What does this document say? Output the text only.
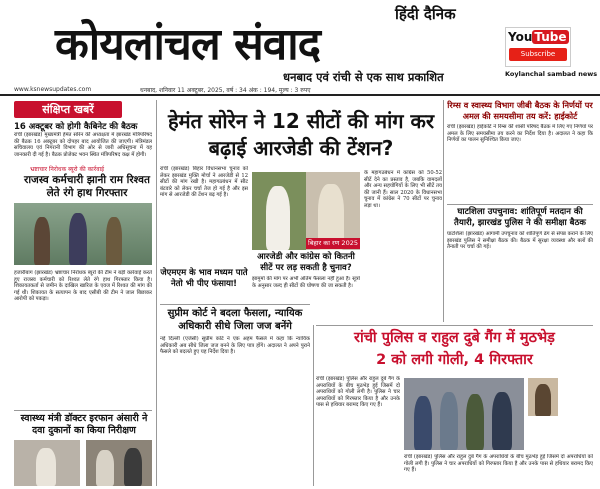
हिंदी दैनिक
कोयलांचल संवाद
धनबाद एवं रांची से एक साथ प्रकाशित
www.ksnewsupdates.com	धनबाद, शनिवार 11 अक्टूबर, 2025, वर्ष : 34 अंक : 194, मूल्य : 3 रुपए
You Tube
Subscribe
Koylanchal sambad news
संक्षिप्त खबरें
16 अक्टूबर को होगी कैबिनेट की बैठक
रांची (झारखंड) मुख्यमंत्री हेमंत सोरेन की अध्यक्षता में झारखंड मंत्रिपरिषद की बैठक 16 अक्टूबर को दोपहर बाद आयोजित की जाएगी। मंत्रिमंडल सचिवालय एवं निगरानी विभाग की ओर से जारी अधिसूचना में यह जानकारी दी गई है। बैठक प्रोजेक्ट भवन स्थित मंत्रिपरिषद कक्ष में होगी।
भ्रष्टाचार निरोधक ब्यूरो की कार्रवाई
राजस्व कर्मचारी झानी राम रिश्वत लेते रंगे हाथ गिरफ्तार
हजारीबाग (झारखंड) भ्रष्टाचार निरोधक ब्यूरो की टीम ने बड़ी कार्रवाई करते हुए राजस्व कर्मचारी को रिश्वत लेते रंगे हाथ गिरफ्तार किया है। शिकायतकर्ता से जमीन के दाखिल खारिज के एवज में रिश्वत की मांग की गई थी। शिकायत के सत्यापन के बाद एसीबी की टीम ने जाल बिछाकर आरोपी को पकड़ा।
स्वास्थ्य मंत्री डॉक्टर इरफान अंसारी ने दवा दुकानों का किया निरीक्षण
हेमंत सोरेन ने 12 सीटों की मांग कर बढ़ाई आरजेडी की टेंशन?
रांची (झारखंड) बिहार विधानसभा चुनाव को लेकर झारखंड मुक्ति मोर्चा ने आरजेडी से 12 सीटों की मांग रखी है। महागठबंधन में सीट बंटवारे को लेकर चर्चा तेज हो गई है और इस मांग से आरजेडी की टेंशन बढ़ गई है।
बिहार का रण 2025
जेएमएम के भाव मध्यम पाते नेतो भी पीए फंसाया!
आरजेडी और कांग्रेस को कितनी सीटें पर लड़ सकती है चुनाव?
के महागठबंधन में कांग्रेस को 50-52 सीटें देने का प्रस्ताव है, जबकि वामदलों और अन्य सहयोगियों के लिए भी सीटें तय की जानी हैं। साल 2020 के विधानसभा चुनाव में कांग्रेस ने 70 सीटों पर चुनाव लड़ा था।
झामुमो की मांग पर अभी अंतिम फैसला नहीं हुआ है। सूत्रों के अनुसार जल्द ही सीटों की घोषणा की जा सकती है।
सुप्रीम कोर्ट ने बदला फैसला, न्यायिक अधिकारी सीधे जिला जज बनेंगे
नई दिल्ली (एजेंसी) सुप्रीम कोर्ट ने एक अहम फैसले में कहा कि न्यायिक अधिकारी अब सीधे जिला जज बनने के लिए पात्र होंगे। अदालत ने अपने पुराने फैसले को बदलते हुए यह निर्देश दिया है।
रिम्स व स्वास्थ्य विभाग जीबी बैठक के निर्णयों पर अमल की समयसीमा तय करें: हाईकोर्ट
रांची (झारखंड) हाईकोर्ट ने रिम्स की शासी परिषद बैठक में लिए गए निर्णयों पर अमल के लिए समयसीमा तय करने का निर्देश दिया है। अदालत ने कहा कि निर्णयों का पालन सुनिश्चित किया जाए।
घाटशिला उपचुनाव: शांतिपूर्ण मतदान की तैयारी, झारखंड पुलिस ने की समीक्षा बैठक
घाटशिला (झारखंड) आगामी उपचुनाव को शांतिपूर्ण ढंग से संपन्न कराने के लिए झारखंड पुलिस ने समीक्षा बैठक की। बैठक में सुरक्षा व्यवस्था और बलों की तैनाती पर चर्चा की गई।
रांची पुलिस व राहुल दुबे गैंग में मुठभेड़
2 को लगी गोली, 4 गिरफ्तार
रांची (झारखंड) पुलिस और राहुल दुबे गैंग के अपराधियों के बीच मुठभेड़ हुई जिसमें दो अपराधियों को गोली लगी है। पुलिस ने चार अपराधियों को गिरफ्तार किया है और उनके पास से हथियार बरामद किए गए हैं।
रांची (झारखंड) पुलिस और राहुल दुबे गैंग के अपराधियों के बीच मुठभेड़ हुई जिसमें दो अपराधियों को गोली लगी है। पुलिस ने चार अपराधियों को गिरफ्तार किया है और उनके पास से हथियार बरामद किए गए हैं।
